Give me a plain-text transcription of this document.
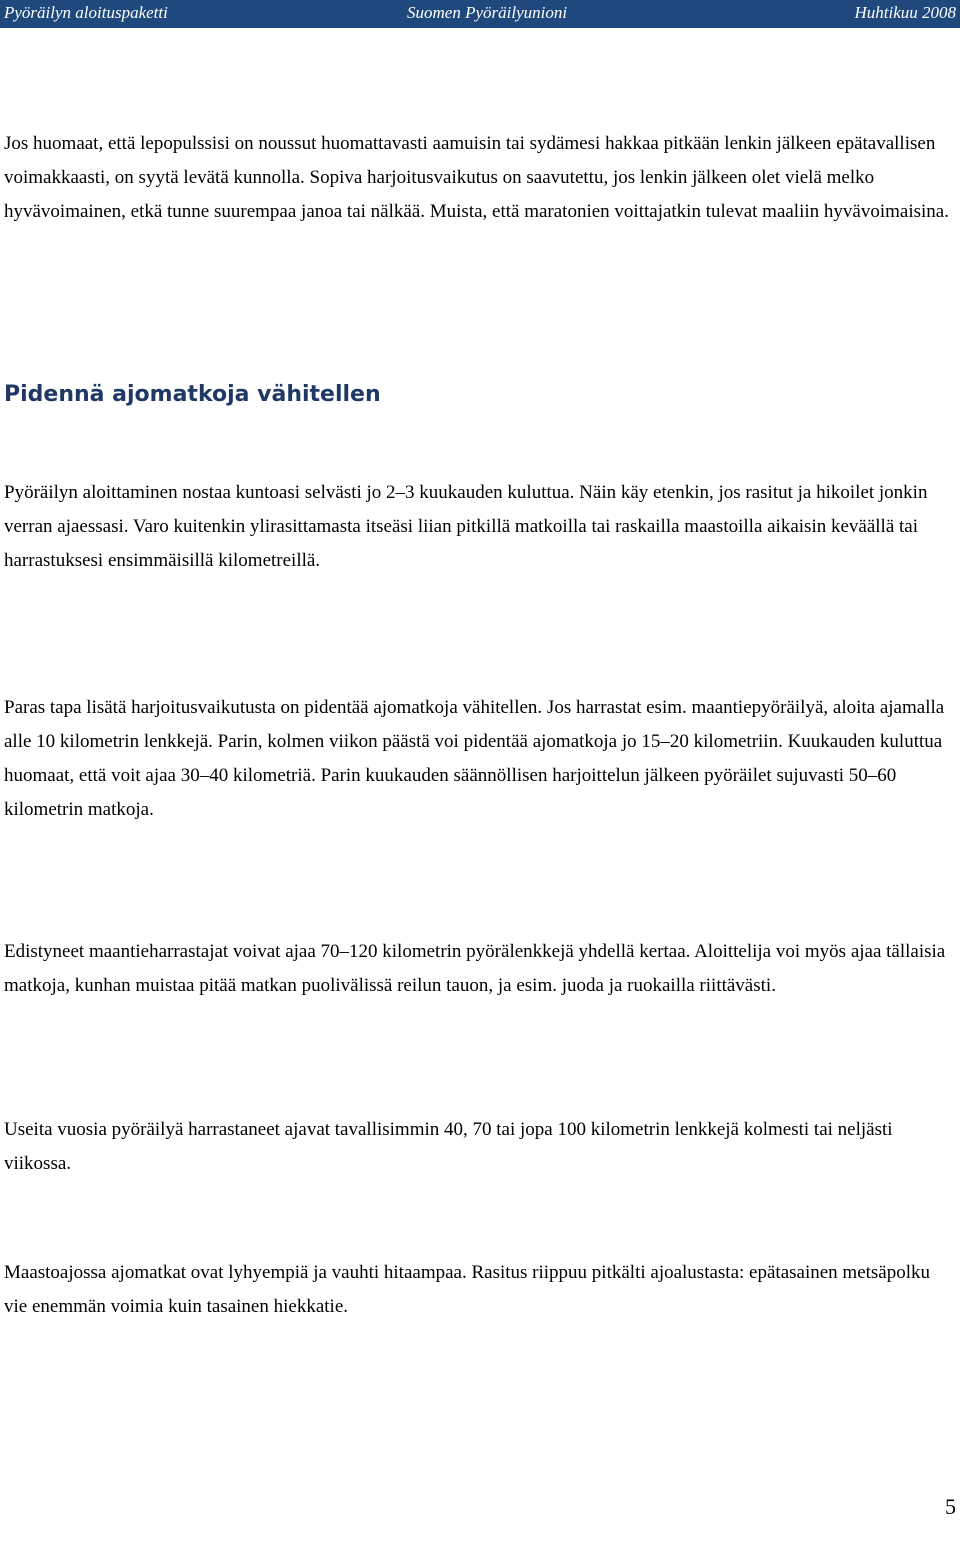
Pyöräilyn aloituspaketti	Suomen Pyöräilyunioni	Huhtikuu 2008

Jos huomaat, että lepopulssisi on noussut huomattavasti aamuisin tai sydämesi hakkaa pitkään lenkin jälkeen epätavallisen voimakkaasti, on syytä levätä kunnolla. Sopiva harjoitusvaikutus on saavutettu, jos lenkin jälkeen olet vielä melko hyvävoimainen, etkä tunne suurempaa janoa tai nälkää. Muista, että maratonien voittajatkin tulevat maaliin hyvävoimaisina.

Pidennä ajomatkoja vähitellen

Pyöräilyn aloittaminen nostaa kuntoasi selvästi jo 2–3 kuukauden kuluttua. Näin käy etenkin, jos rasitut ja hikoilet jonkin verran ajaessasi. Varo kuitenkin ylirasittamasta itseäsi liian pitkillä matkoilla tai raskailla maastoilla aikaisin keväällä tai harrastuksesi ensimmäisillä kilometreillä.

Paras tapa lisätä harjoitusvaikutusta on pidentää ajomatkoja vähitellen. Jos harrastat esim. maantiepyöräilyä, aloita ajamalla alle 10 kilometrin lenkkejä. Parin, kolmen viikon päästä voi pidentää ajomatkoja jo 15–20 kilometriin. Kuukauden kuluttua huomaat, että voit ajaa 30–40 kilometriä. Parin kuukauden säännöllisen harjoittelun jälkeen pyöräilet sujuvasti 50–60 kilometrin matkoja.

Edistyneet maantieharrastajat voivat ajaa 70–120 kilometrin pyörälenkkejä yhdellä kertaa. Aloittelija voi myös ajaa tällaisia matkoja, kunhan muistaa pitää matkan puolivälissä reilun tauon, ja esim. juoda ja ruokailla riittävästi.

Useita vuosia pyöräilyä harrastaneet ajavat tavallisimmin 40, 70 tai jopa 100 kilometrin lenkkejä kolmesti tai neljästi viikossa.

Maastoajossa ajomatkat ovat lyhyempiä ja vauhti hitaampaa. Rasitus riippuu pitkälti ajoalustasta: epätasainen metsäpolku vie enemmän voimia kuin tasainen hiekkatie.

5
